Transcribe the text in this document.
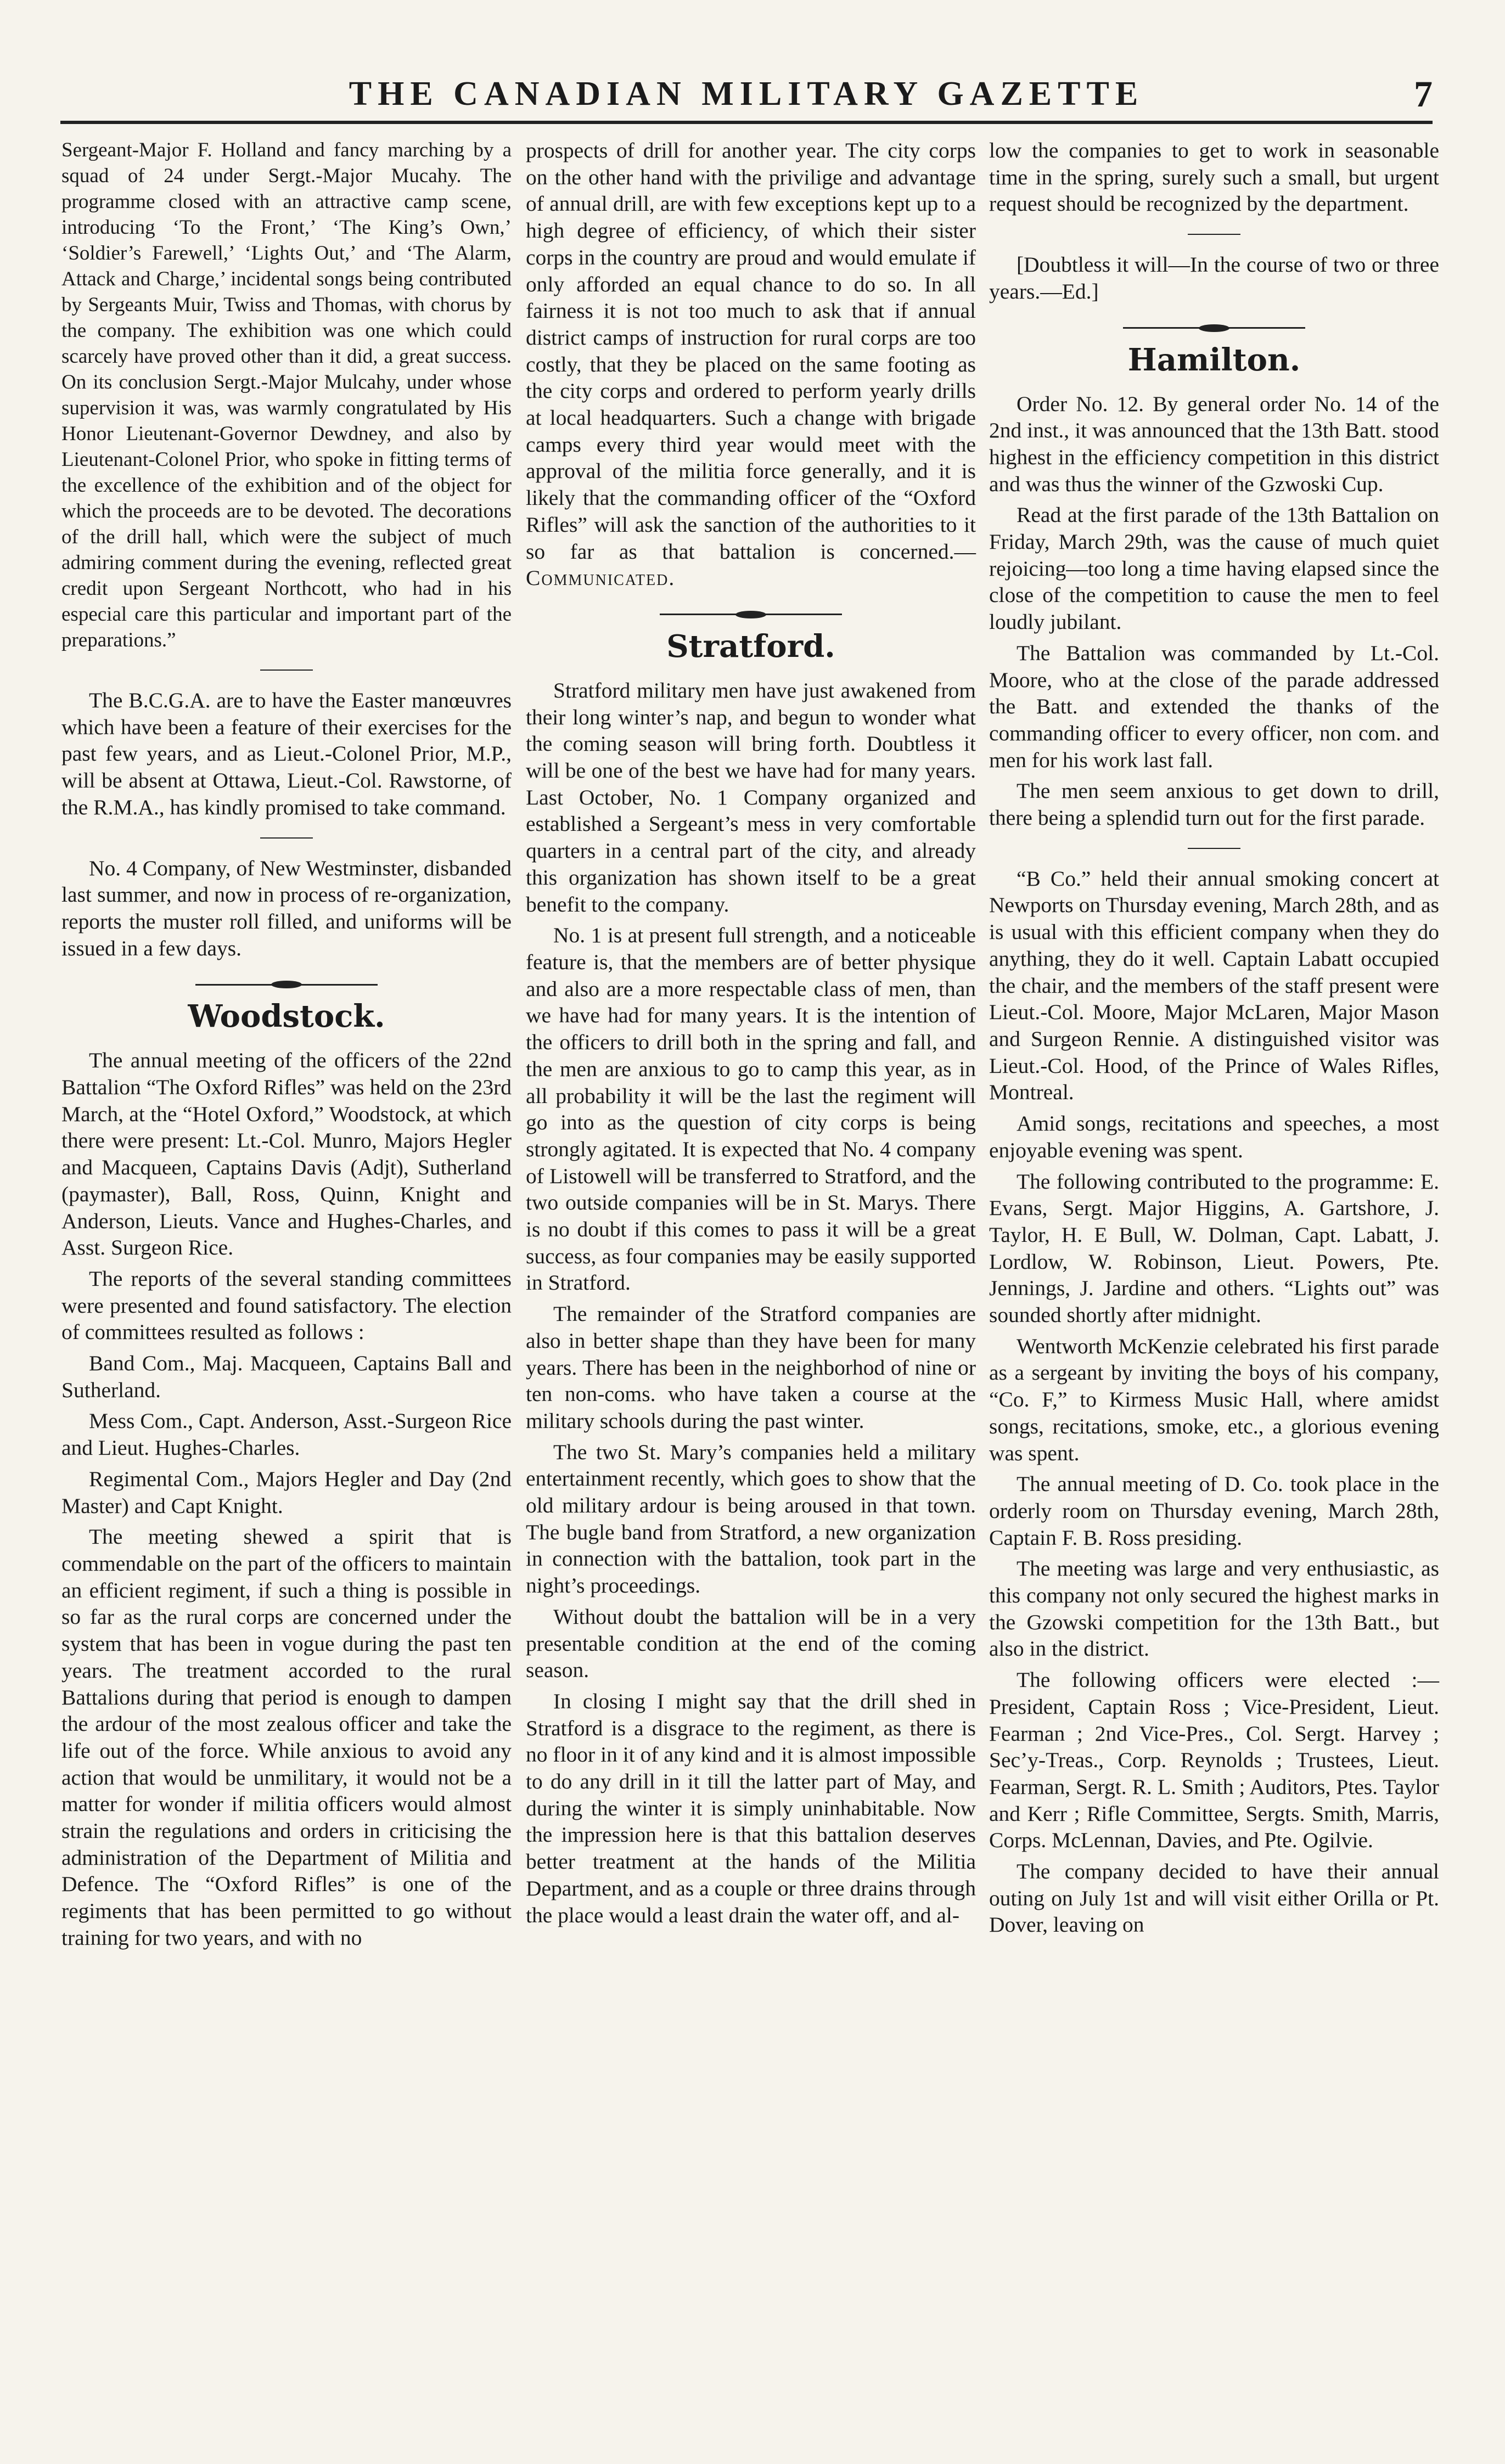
THE CANADIAN MILITARY GAZETTE	7

Sergeant-Major F. Holland and fancy marching by a squad of 24 under Sergt.-Major Mucahy. The programme closed with an attractive camp scene, introducing ‘To the Front,’ ‘The King’s Own,’ ‘Soldier’s Farewell,’ ‘Lights Out,’ and ‘The Alarm, Attack and Charge,’ incidental songs being contributed by Sergeants Muir, Twiss and Thomas, with chorus by the company. The exhibition was one which could scarcely have proved other than it did, a great success. On its conclusion Sergt.-Major Mulcahy, under whose supervision it was, was warmly congratulated by His Honor Lieutenant-Governor Dewdney, and also by Lieutenant-Colonel Prior, who spoke in fitting terms of the excellence of the exhibition and of the object for which the proceeds are to be devoted. The decorations of the drill hall, which were the subject of much admiring comment during the evening, reflected great credit upon Sergeant Northcott, who had in his especial care this particular and important part of the preparations.”

The B.C.G.A. are to have the Easter manœuvres which have been a feature of their exercises for the past few years, and as Lieut.-Colonel Prior, M.P., will be absent at Ottawa, Lieut.-Col. Rawstorne, of the R.M.A., has kindly promised to take command.

No. 4 Company, of New Westminster, disbanded last summer, and now in process of re-organization, reports the muster roll filled, and uniforms will be issued in a few days.

Woodstock.

The annual meeting of the officers of the 22nd Battalion “The Oxford Rifles” was held on the 23rd March, at the “Hotel Oxford,” Woodstock, at which there were present: Lt.-Col. Munro, Majors Hegler and Macqueen, Captains Davis (Adjt), Sutherland (paymaster), Ball, Ross, Quinn, Knight and Anderson, Lieuts. Vance and Hughes-Charles, and Asst. Surgeon Rice.

The reports of the several standing committees were presented and found satisfactory. The election of committees resulted as follows :

Band Com., Maj. Macqueen, Captains Ball and Sutherland.

Mess Com., Capt. Anderson, Asst.-Surgeon Rice and Lieut. Hughes-Charles.

Regimental Com., Majors Hegler and Day (2nd Master) and Capt Knight.

The meeting shewed a spirit that is commendable on the part of the officers to maintain an efficient regiment, if such a thing is possible in so far as the rural corps are concerned under the system that has been in vogue during the past ten years. The treatment accorded to the rural Battalions during that period is enough to dampen the ardour of the most zealous officer and take the life out of the force. While anxious to avoid any action that would be unmilitary, it would not be a matter for wonder if militia officers would almost strain the regulations and orders in criticising the administration of the Department of Militia and Defence. The “Oxford Rifles” is one of the regiments that has been permitted to go without training for two years, and with no

prospects of drill for another year. The city corps on the other hand with the privilige and advantage of annual drill, are with few exceptions kept up to a high degree of efficiency, of which their sister corps in the country are proud and would emulate if only afforded an equal chance to do so. In all fairness it is not too much to ask that if annual district camps of instruction for rural corps are too costly, that they be placed on the same footing as the city corps and ordered to perform yearly drills at local headquarters. Such a change with brigade camps every third year would meet with the approval of the militia force generally, and it is likely that the commanding officer of the “Oxford Rifles” will ask the sanction of the authorities to it so far as that battalion is concerned.—Communicated.

Stratford.

Stratford military men have just awakened from their long winter’s nap, and begun to wonder what the coming season will bring forth. Doubtless it will be one of the best we have had for many years. Last October, No. 1 Company organized and established a Sergeant’s mess in very comfortable quarters in a central part of the city, and already this organization has shown itself to be a great benefit to the company.

No. 1 is at present full strength, and a noticeable feature is, that the members are of better physique and also are a more respectable class of men, than we have had for many years. It is the intention of the officers to drill both in the spring and fall, and the men are anxious to go to camp this year, as in all probability it will be the last the regiment will go into as the question of city corps is being strongly agitated. It is expected that No. 4 company of Listowell will be transferred to Stratford, and the two outside companies will be in St. Marys. There is no doubt if this comes to pass it will be a great success, as four companies may be easily supported in Stratford.

The remainder of the Stratford companies are also in better shape than they have been for many years. There has been in the neighborhod of nine or ten non-coms. who have taken a course at the military schools during the past winter.

The two St. Mary’s companies held a military entertainment recently, which goes to show that the old military ardour is being aroused in that town. The bugle band from Stratford, a new organization in connection with the battalion, took part in the night’s proceedings.

Without doubt the battalion will be in a very presentable condition at the end of the coming season.

In closing I might say that the drill shed in Stratford is a disgrace to the regiment, as there is no floor in it of any kind and it is almost impossible to do any drill in it till the latter part of May, and during the winter it is simply uninhabitable. Now the impression here is that this battalion deserves better treatment at the hands of the Militia Department, and as a couple or three drains through the place would a least drain the water off, and al-

low the companies to get to work in seasonable time in the spring, surely such a small, but urgent request should be recognized by the department.

[Doubtless it will—In the course of two or three years.—Ed.]

Hamilton.

Order No. 12. By general order No. 14 of the 2nd inst., it was announced that the 13th Batt. stood highest in the efficiency competition in this district and was thus the winner of the Gzwoski Cup.

Read at the first parade of the 13th Battalion on Friday, March 29th, was the cause of much quiet rejoicing—too long a time having elapsed since the close of the competition to cause the men to feel loudly jubilant.

The Battalion was commanded by Lt.-Col. Moore, who at the close of the parade addressed the Batt. and extended the thanks of the commanding officer to every officer, non com. and men for his work last fall.

The men seem anxious to get down to drill, there being a splendid turn out for the first parade.

“B Co.” held their annual smoking concert at Newports on Thursday evening, March 28th, and as is usual with this efficient company when they do anything, they do it well. Captain Labatt occupied the chair, and the members of the staff present were Lieut.-Col. Moore, Major McLaren, Major Mason and Surgeon Rennie. A distinguished visitor was Lieut.-Col. Hood, of the Prince of Wales Rifles, Montreal.

Amid songs, recitations and speeches, a most enjoyable evening was spent.

The following contributed to the programme: E. Evans, Sergt. Major Higgins, A. Gartshore, J. Taylor, H. E Bull, W. Dolman, Capt. Labatt, J. Lordlow, W. Robinson, Lieut. Powers, Pte. Jennings, J. Jardine and others. “Lights out” was sounded shortly after midnight.

Wentworth McKenzie celebrated his first parade as a sergeant by inviting the boys of his company, “Co. F,” to Kirmess Music Hall, where amidst songs, recitations, smoke, etc., a glorious evening was spent.

The annual meeting of D. Co. took place in the orderly room on Thursday evening, March 28th, Captain F. B. Ross presiding.

The meeting was large and very enthusiastic, as this company not only secured the highest marks in the Gzowski competition for the 13th Batt., but also in the district.

The following officers were elected :— President, Captain Ross ; Vice-President, Lieut. Fearman ; 2nd Vice-Pres., Col. Sergt. Harvey ; Sec’y-Treas., Corp. Reynolds ; Trustees, Lieut. Fearman, Sergt. R. L. Smith ; Auditors, Ptes. Taylor and Kerr ; Rifle Committee, Sergts. Smith, Marris, Corps. McLennan, Davies, and Pte. Ogilvie.

The company decided to have their annual outing on July 1st and will visit either Orilla or Pt. Dover, leaving on
